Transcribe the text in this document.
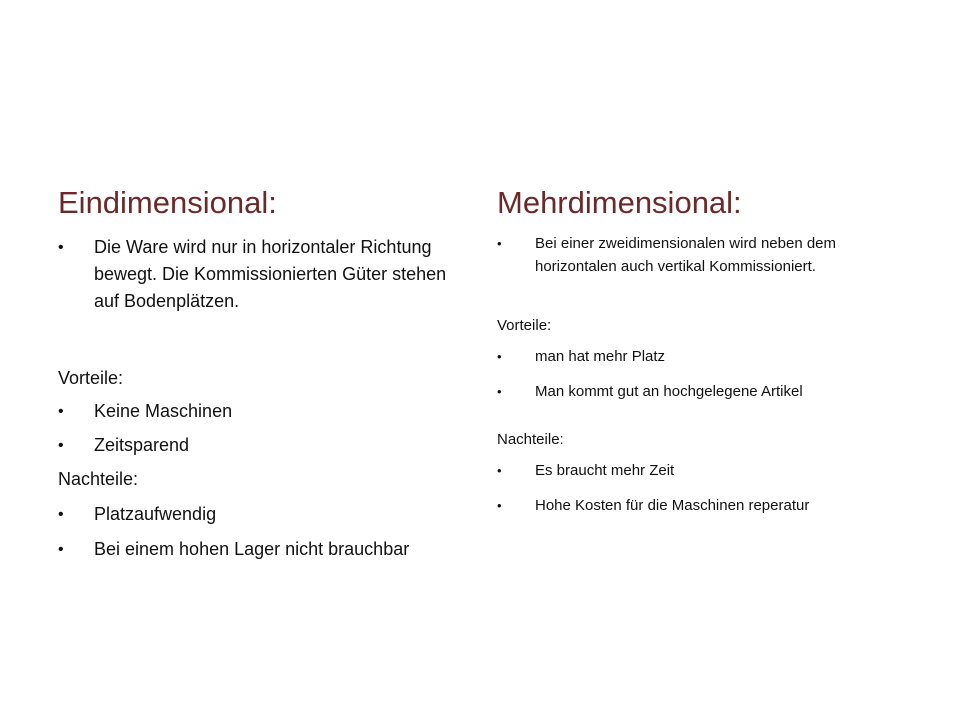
Eindimensional:
•	Die Ware wird nur in horizontaler Richtung bewegt. Die Kommissionierten Güter stehen auf Bodenplätzen.
Vorteile:
•	Keine Maschinen
•	Zeitsparend
Nachteile:
•	Platzaufwendig
•	Bei einem hohen Lager nicht brauchbar
Mehrdimensional:
•	Bei einer zweidimensionalen wird neben dem horizontalen auch vertikal Kommissioniert.
Vorteile:
•	man hat mehr Platz
•	Man kommt gut an hochgelegene Artikel
Nachteile:
•	Es braucht mehr Zeit
•	Hohe Kosten für die Maschinen reperatur
